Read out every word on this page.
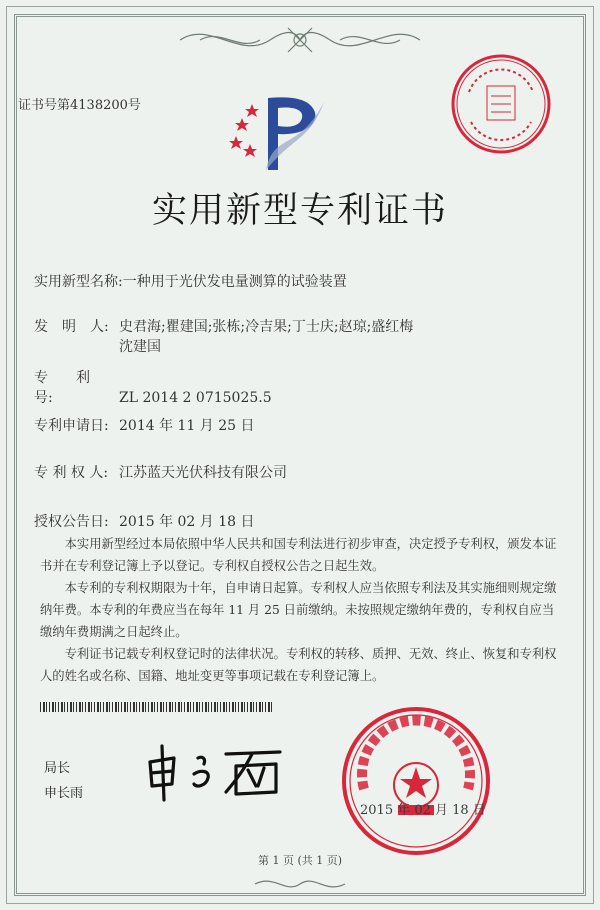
证书号第4138200号
实用新型专利证书
实用新型名称:一种用于光伏发电量测算的试验装置
发　明　人: 史君海;瞿建国;张栋;冷吉果;丁士庆;赵琼;盛红梅
沈建国
专　　利　号:	ZL 2014 2 0715025.5
专利申请日: 2014 年 11 月 25 日
专 利 权 人: 江苏蓝天光伏科技有限公司
授权公告日: 2015 年 02 月 18 日

本实用新型经过本局依照中华人民共和国专利法进行初步审查，决定授予专利权，颁发本证书并在专利登记簿上予以登记。专利权自授权公告之日起生效。

本专利的专利权期限为十年，自申请日起算。专利权人应当依照专利法及其实施细则规定缴纳年费。本专利的年费应当在每年 11 月 25 日前缴纳。未按照规定缴纳年费的，专利权自应当缴纳年费期满之日起终止。

专利证书记载专利权登记时的法律状况。专利权的转移、质押、无效、终止、恢复和专利权人的姓名或名称、国籍、地址变更等事项记载在专利登记簿上。

局长
申长雨
2015 年 02 月 18 日
第 1 页 (共 1 页)
